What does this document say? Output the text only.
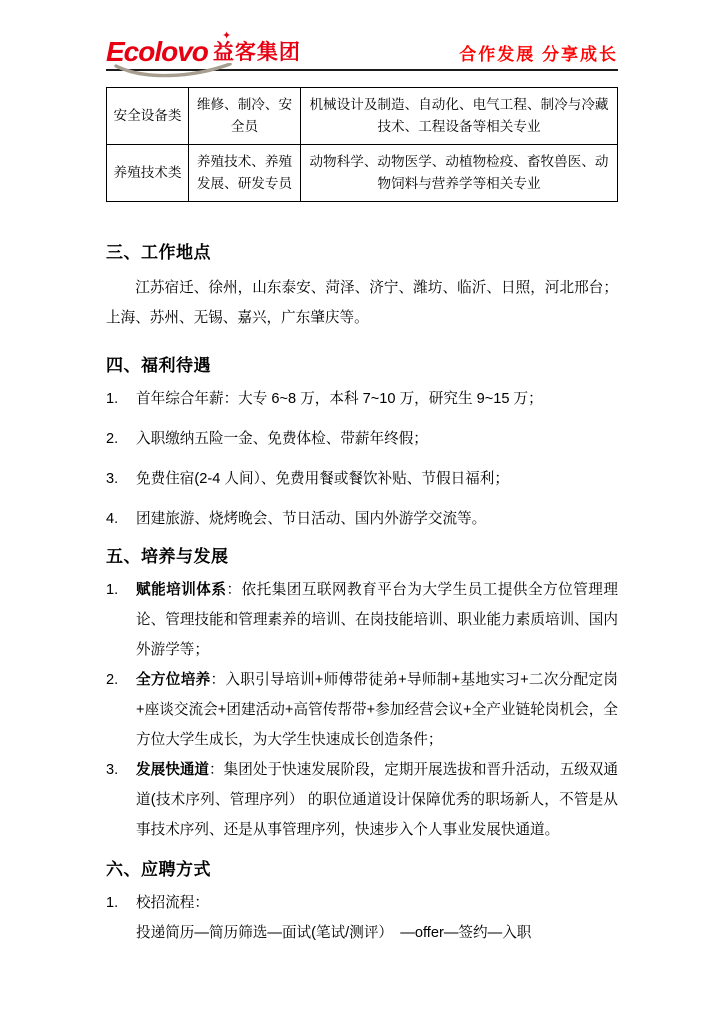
Ecolovo ✦
益客集团	合作发展 分享成长
安全设备类	维修、制冷、安全员	机械设计及制造、自动化、电气工程、制冷与冷藏技术、工程设备等相关专业
养殖技术类	养殖技术、养殖发展、研发专员	动物科学、动物医学、动植物检疫、畜牧兽医、动物饲料与营养学等相关专业
三、工作地点

江苏宿迁、徐州，山东泰安、菏泽、济宁、潍坊、临沂、日照，河北邢台；上海、苏州、无锡、嘉兴，广东肇庆等。

四、福利待遇
1.	首年综合年薪：大专 6~8 万，本科 7~10 万，研究生 9~15 万；
2.	入职缴纳五险一金、免费体检、带薪年终假；
3.	免费住宿(2-4 人间）、免费用餐或餐饮补贴、节假日福利；
4.	团建旅游、烧烤晚会、节日活动、国内外游学交流等。
五、培养与发展
1.	赋能培训体系：依托集团互联网教育平台为大学生员工提供全方位管理理论、管理技能和管理素养的培训、在岗技能培训、职业能力素质培训、国内外游学等；
2.	全方位培养：入职引导培训+师傅带徒弟+导师制+基地实习+二次分配定岗+座谈交流会+团建活动+高管传帮带+参加经营会议+全产业链轮岗机会，全方位大学生成长，为大学生快速成长创造条件；
3.	发展快通道：集团处于快速发展阶段，定期开展选拔和晋升活动，五级双通道(技术序列、管理序列） 的职位通道设计保障优秀的职场新人，不管是从事技术序列、还是从事管理序列，快速步入个人事业发展快通道。
六、应聘方式
1.	校招流程：
投递简历—简历筛选—面试(笔试/测评）　—offer—签约—入职
